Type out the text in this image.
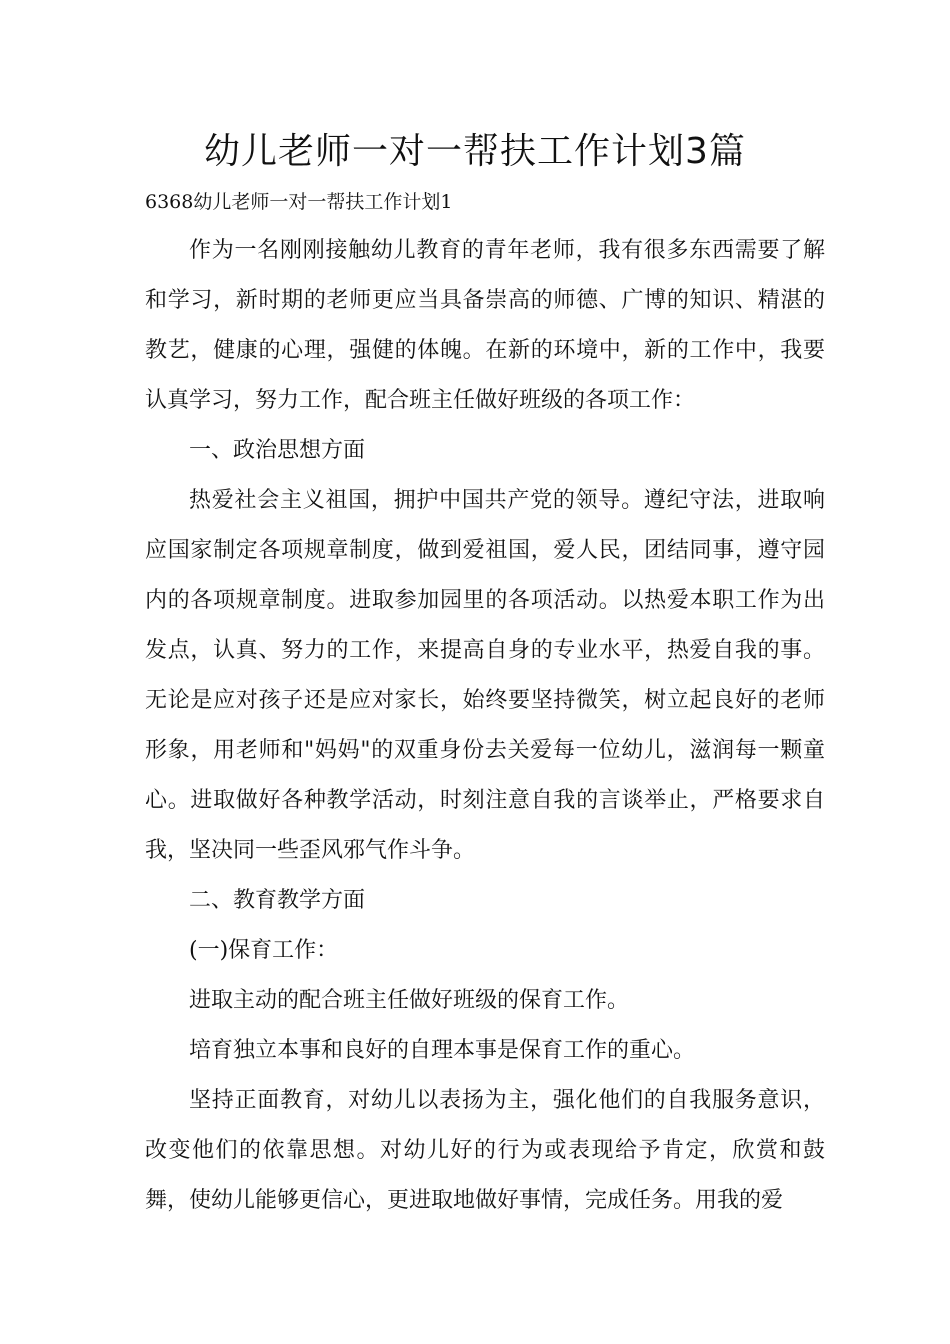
幼儿老师一对一帮扶工作计划3篇
6368幼儿老师一对一帮扶工作计划1

作为一名刚刚接触幼儿教育的青年老师，我有很多东西需要了解和学习，新时期的老师更应当具备崇高的师德、广博的知识、精湛的教艺，健康的心理，强健的体魄。在新的环境中，新的工作中，我要认真学习，努力工作，配合班主任做好班级的各项工作：

一、政治思想方面

热爱社会主义祖国，拥护中国共产党的领导。遵纪守法，进取响应国家制定各项规章制度，做到爱祖国，爱人民，团结同事，遵守园内的各项规章制度。进取参加园里的各项活动。以热爱本职工作为出发点，认真、努力的工作，来提高自身的专业水平，热爱自我的事。无论是应对孩子还是应对家长，始终要坚持微笑，树立起良好的老师形象，用老师和"妈妈"的双重身份去关爱每一位幼儿，滋润每一颗童心。进取做好各种教学活动，时刻注意自我的言谈举止，严格要求自我，坚决同一些歪风邪气作斗争。

二、教育教学方面

(一)保育工作：

进取主动的配合班主任做好班级的保育工作。

培育独立本事和良好的自理本事是保育工作的重心。

坚持正面教育，对幼儿以表扬为主，强化他们的自我服务意识，改变他们的依靠思想。对幼儿好的行为或表现给予肯定，欣赏和鼓舞，使幼儿能够更信心，更进取地做好事情，完成任务。用我的爱
